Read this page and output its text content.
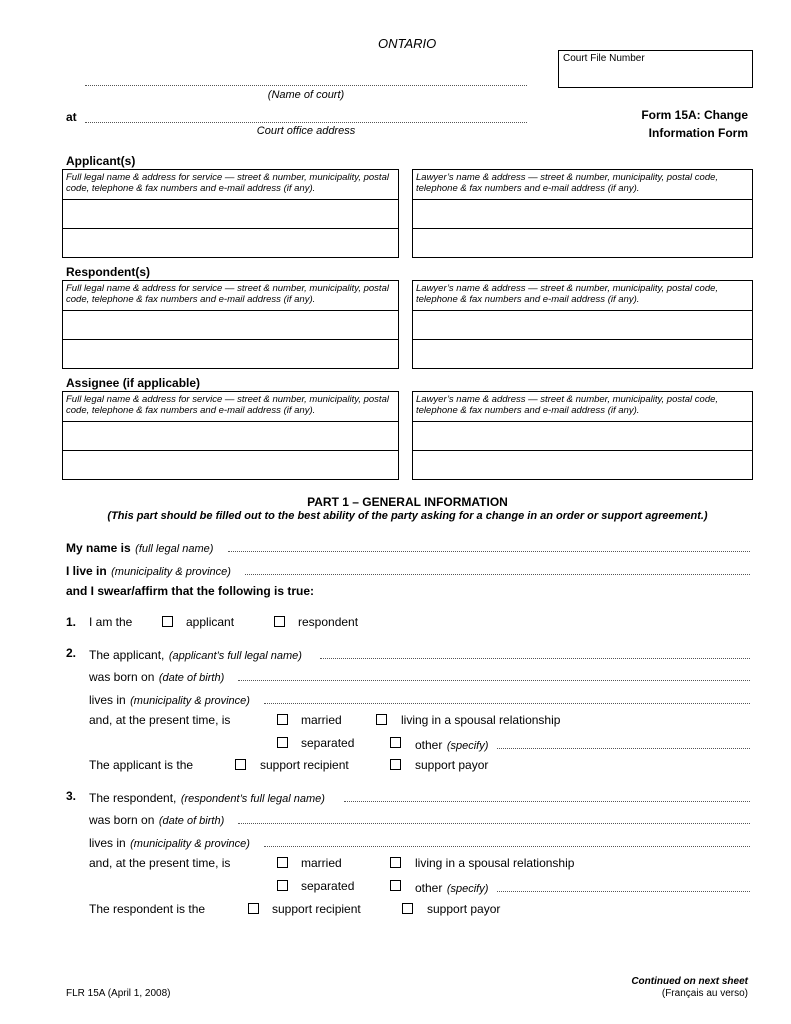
ONTARIO
Court File Number
(Name of court)
at
Court office address
Form 15A: Change
Information Form
Applicant(s)
Full legal name & address for service — street & number, municipality, postal code, telephone & fax numbers and e-mail address (if any).
Lawyer’s name & address — street & number, municipality, postal code, telephone & fax numbers and e-mail address (if any).
Respondent(s)
Full legal name & address for service — street & number, municipality, postal code, telephone & fax numbers and e-mail address (if any).
Lawyer’s name & address — street & number, municipality, postal code, telephone & fax numbers and e-mail address (if any).
Assignee (if applicable)
Full legal name & address for service — street & number, municipality, postal code, telephone & fax numbers and e-mail address (if any).
Lawyer’s name & address — street & number, municipality, postal code, telephone & fax numbers and e-mail address (if any).
PART 1 – GENERAL INFORMATION
(This part should be filled out to the best ability of the party asking for a change in an order or support agreement.)
My name is (full legal name)
I live in (municipality & province)
and I swear/affirm that the following is true:
1. I am the	applicant	respondent
2. The applicant, (applicant’s full legal name)
was born on (date of birth)
lives in (municipality & province)
and, at the present time, is	married	living in a spousal relationship
separated	other (specify)
The applicant is the	support recipient	support payor
3. The respondent, (respondent’s full legal name)
was born on (date of birth)
lives in (municipality & province)
and, at the present time, is	married	living in a spousal relationship
separated	other (specify)
The respondent is the	support recipient	support payor
FLR 15A (April 1, 2008)
Continued on next sheet
(Français au verso)
